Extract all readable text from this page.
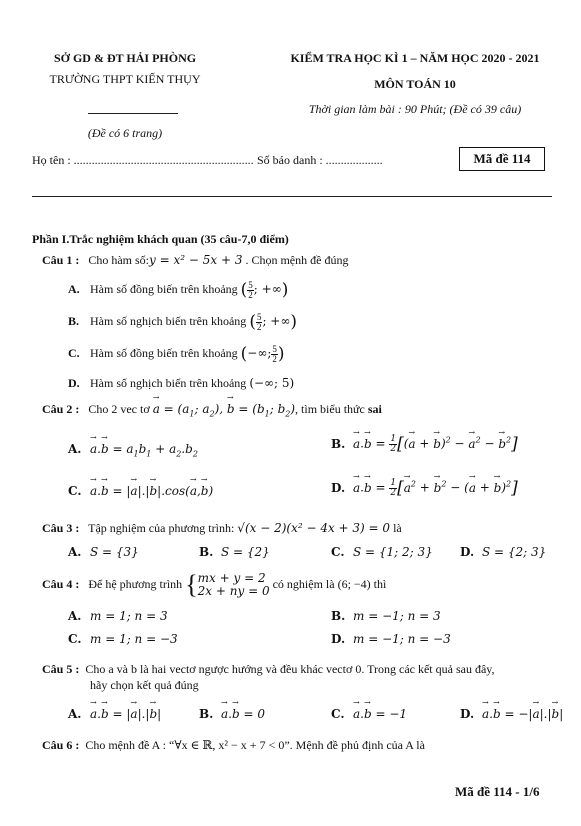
SỞ GD & ĐT HẢI PHÒNG
TRƯỜNG THPT KIẾN THỤY
(Đề có 6 trang)
KIỂM TRA HỌC KÌ 1 – NĂM HỌC 2020 - 2021
MÔN TOÁN 10
Thời gian làm bài : 90 Phút; (Đề có 39 câu)
Họ tên : ............................................................ Số báo danh : ...................	Mã đề 114
Phần I.Trắc nghiệm khách quan (35 câu-7,0 điểm)
Câu 1 : Cho hàm số:y = x² − 5x + 3 . Chọn mệnh đề đúng
A. Hàm số đồng biến trên khoảng ( $\frac{5}{2}$ ; +∞)
B. Hàm số nghịch biến trên khoảng ( $\frac{5}{2}$ ; +∞)
C. Hàm số đồng biến trên khoảng (−∞; $\frac{5}{2}$ )
D. Hàm số nghịch biến trên khoảng (−∞; 5)
Câu 2 : Cho 2 vec tơ → $a = (a_1$; $a_2$), → $b = (b_1$; $b_2$), tìm biểu thức sai
$A.\to a.\to b = a_1b_1 + a_2.b_2$
$B.\to a.\to b = \frac{1}{2}$ [(→ a + → b)$^2$ − → $a^2$ − → $b^2$]
C.→ a.→ b = |→ a|.|→ b|.cos(→ a,→ b)	$D.\to a.\to b = \frac{1}{2}$ [→ $a^2$ + → $b^2$ − (→ a + → b)$^2$]
Câu 3 : Tập nghiệm của phương trình: √(x − 2)(x² − 4x + 3) = 0 là
A. S = {3}	B. S = {2}	C. S = {1; 2; 3} D. S = {2; 3}
Câu 4 : Để hệ phương trình { mx + y = 2
2x + ny = 0
có nghiệm là (6; −4) thì
A. m = 1; n = 3	B. m = −1; n = 3
C. m = 1; n = −3	D. m = −1; n = −3
Câu 5 : Cho a và b là hai vectơ ngược hướng và đều khác vectơ 0. Trong các kết quả sau đây,
hãy chọn kết quả đúng
A.→ a.→ b = |→ a|.|→ b|	B.→ a.→ b = 0	C.→ a.→ b = −1	D.→ a.→ b = −|→ a|.|→ b|
Câu 6 : Cho mệnh đề A : “∀x ∈ ℝ, x² − x + 7 < 0”. Mệnh đề phủ định của A là
Mã đề 114 - 1/6
